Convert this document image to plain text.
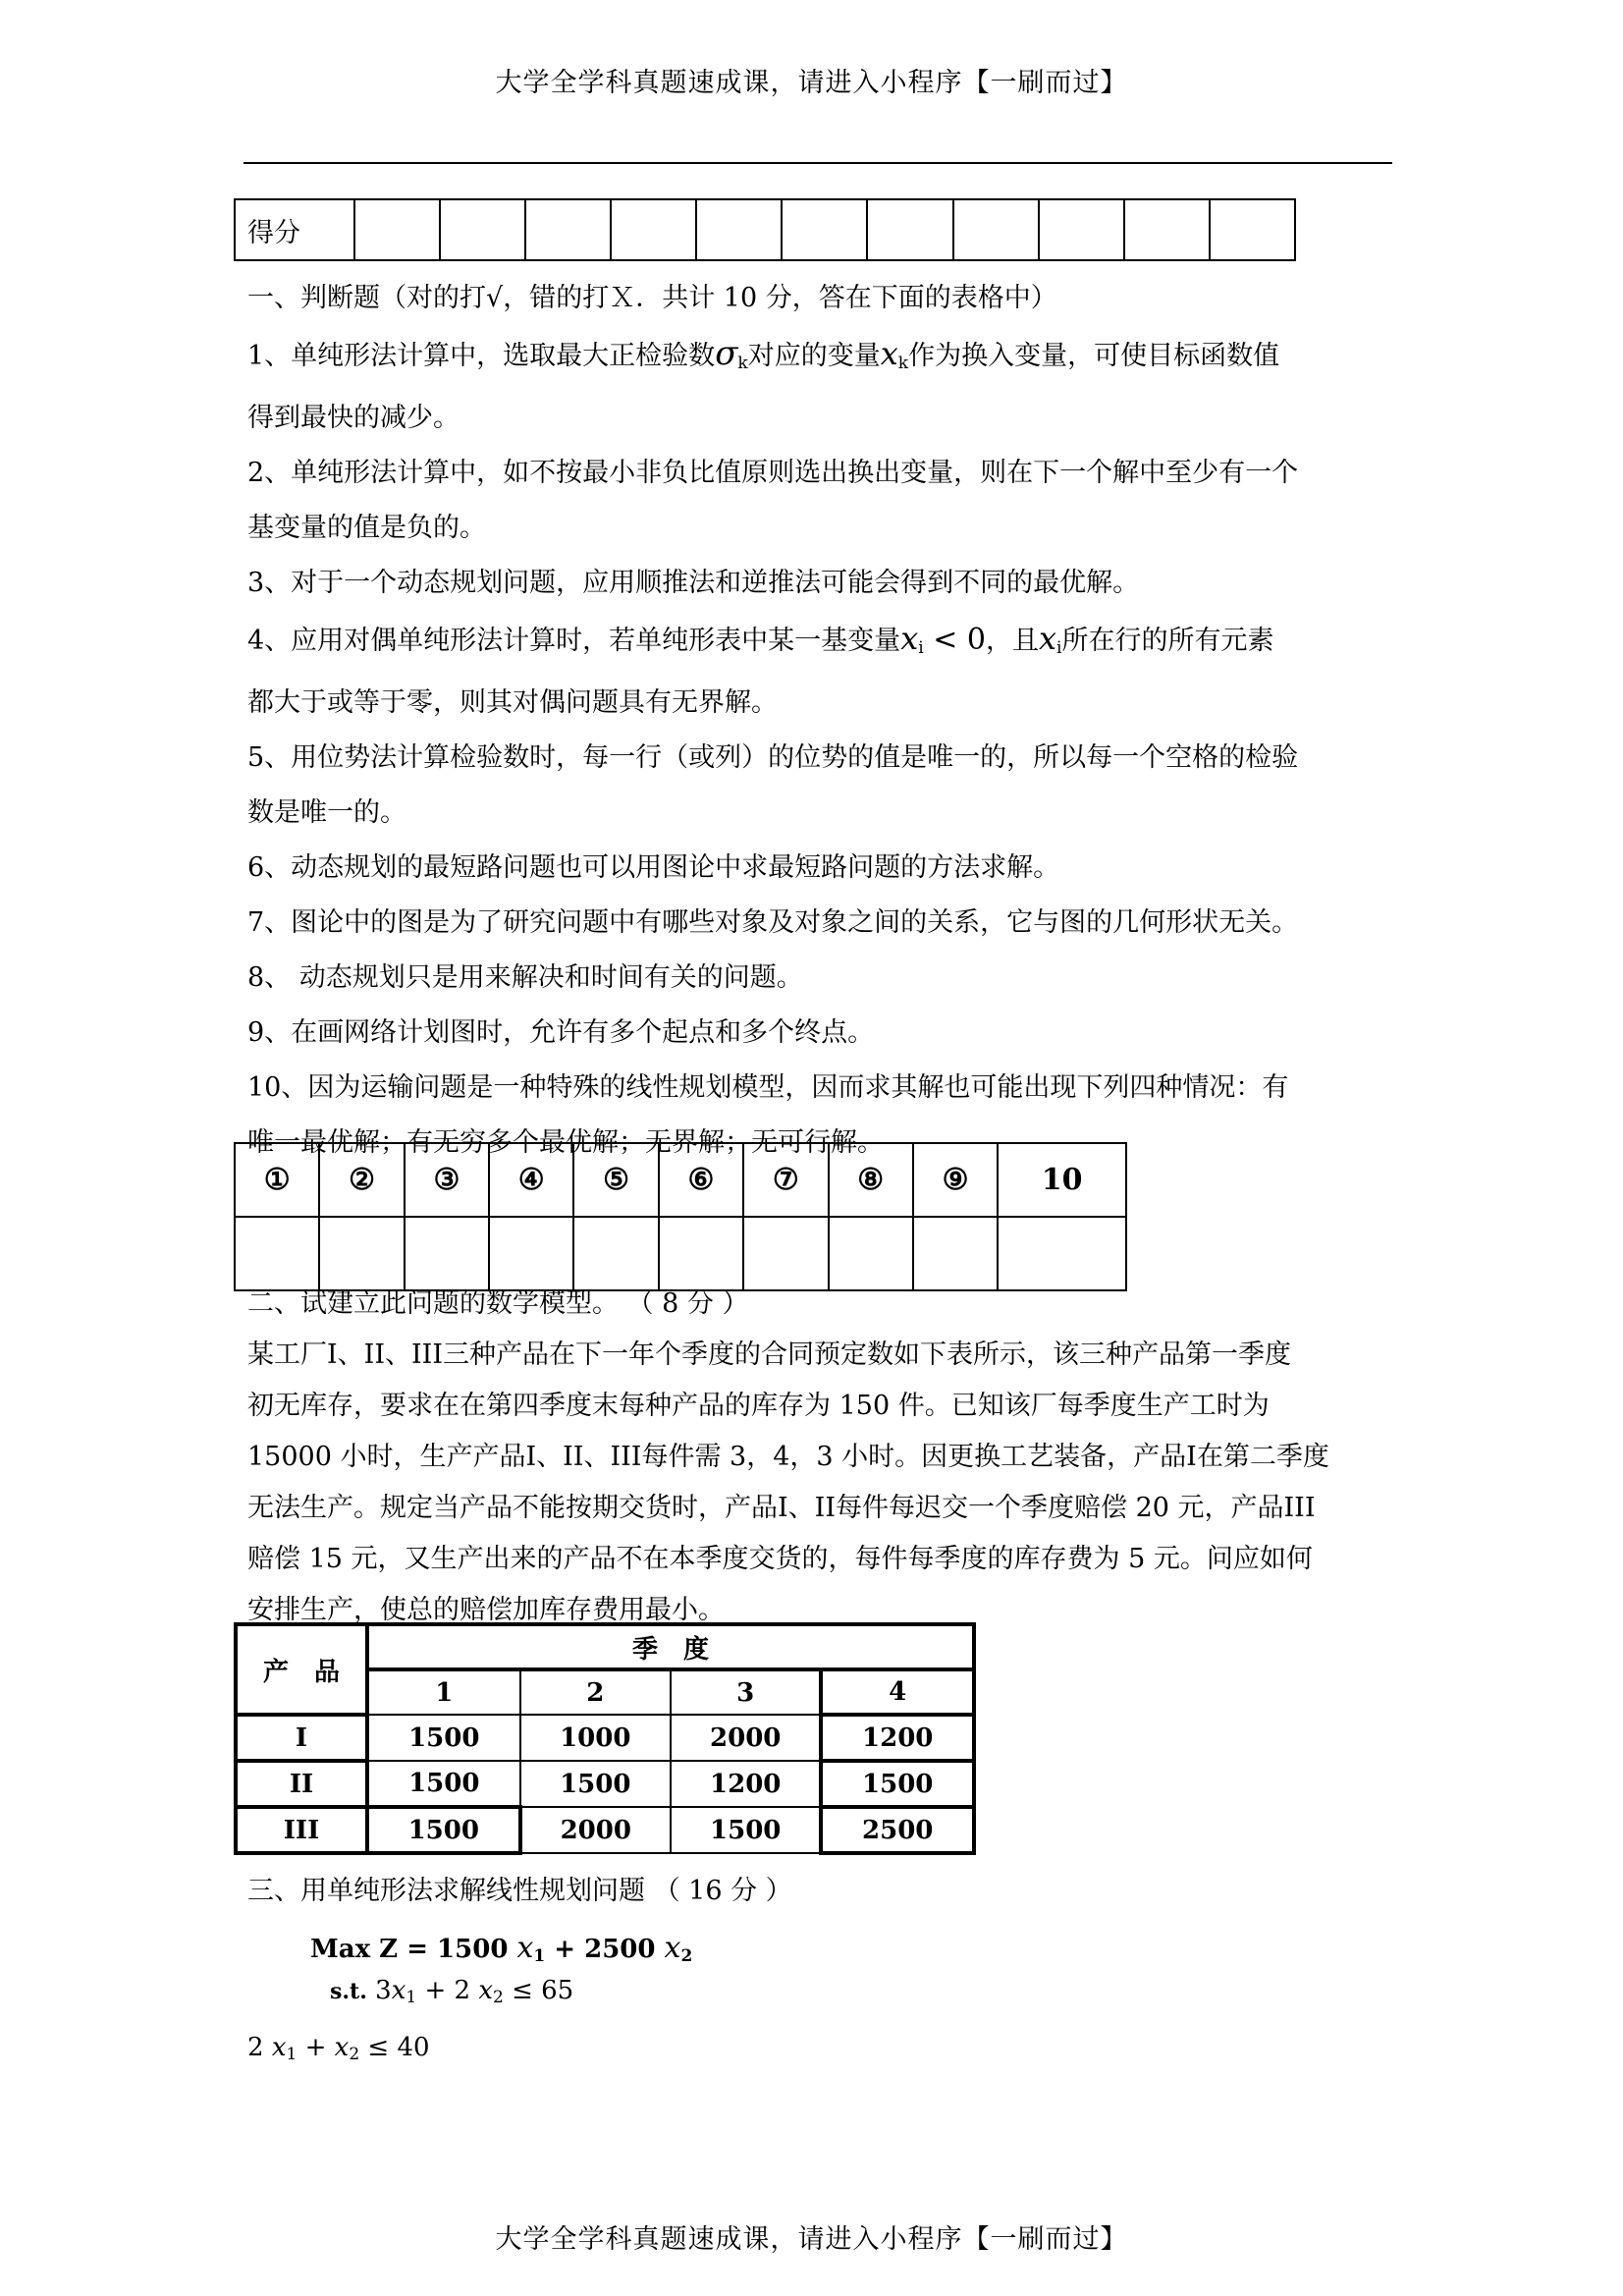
大学全学科真题速成课，请进入小程序【一刷而过】
得分											

一、判断题（对的打√，错的打Ｘ．共计 10 分，答在下面的表格中）

1、单纯形法计算中，选取最大正检验数$\sigma_k$对应的变量$x_k$作为换入变量，可使目标函数值

得到最快的减少。

2、单纯形法计算中，如不按最小非负比值原则选出换出变量，则在下一个解中至少有一个

基变量的值是负的。

3、对于一个动态规划问题，应用顺推法和逆推法可能会得到不同的最优解。

4、应用对偶单纯形法计算时，若单纯形表中某一基变量$x_i < 0$，且$x_i$所在行的所有元素

都大于或等于零，则其对偶问题具有无界解。

5、用位势法计算检验数时，每一行（或列）的位势的值是唯一的，所以每一个空格的检验

数是唯一的。

6、动态规划的最短路问题也可以用图论中求最短路问题的方法求解。

7、图论中的图是为了研究问题中有哪些对象及对象之间的关系，它与图的几何形状无关。

8、 动态规划只是用来解决和时间有关的问题。

9、在画网络计划图时，允许有多个起点和多个终点。

10、因为运输问题是一种特殊的线性规划模型，因而求其解也可能出现下列四种情况：有

唯一最优解；有无穷多个最优解；无界解；无可行解。

①	②	③	④	⑤	⑥	⑦	⑧	⑨	10

二、试建立此问题的数学模型。 （ 8 分 ）

某工厂I、II、III三种产品在下一年个季度的合同预定数如下表所示，该三种产品第一季度

初无库存，要求在在第四季度末每种产品的库存为 150 件。已知该厂每季度生产工时为

15000 小时，生产产品I、II、III每件需 3，4，3 小时。因更换工艺装备，产品I在第二季度

无法生产。规定当产品不能按期交货时，产品I、II每件每迟交一个季度赔偿 20 元，产品III

赔偿 15 元，又生产出来的产品不在本季度交货的，每件每季度的库存费为 5 元。问应如何

安排生产，使总的赔偿加库存费用最小。

产　品	季　度			
	1	2	3	4
I	1500	1000	2000	1200
II	1500	1500	1200	1500
III	1500	2000	1500	2500
三、用单纯形法求解线性规划问题 （ 16 分 ）
Max Z = 1500 $x_1 + 2500$ $x_2$
s.t. $3x_1 + 2$ $x_2 \le 65$
2 $x_1 + x_2 \le 40$
大学全学科真题速成课，请进入小程序【一刷而过】
